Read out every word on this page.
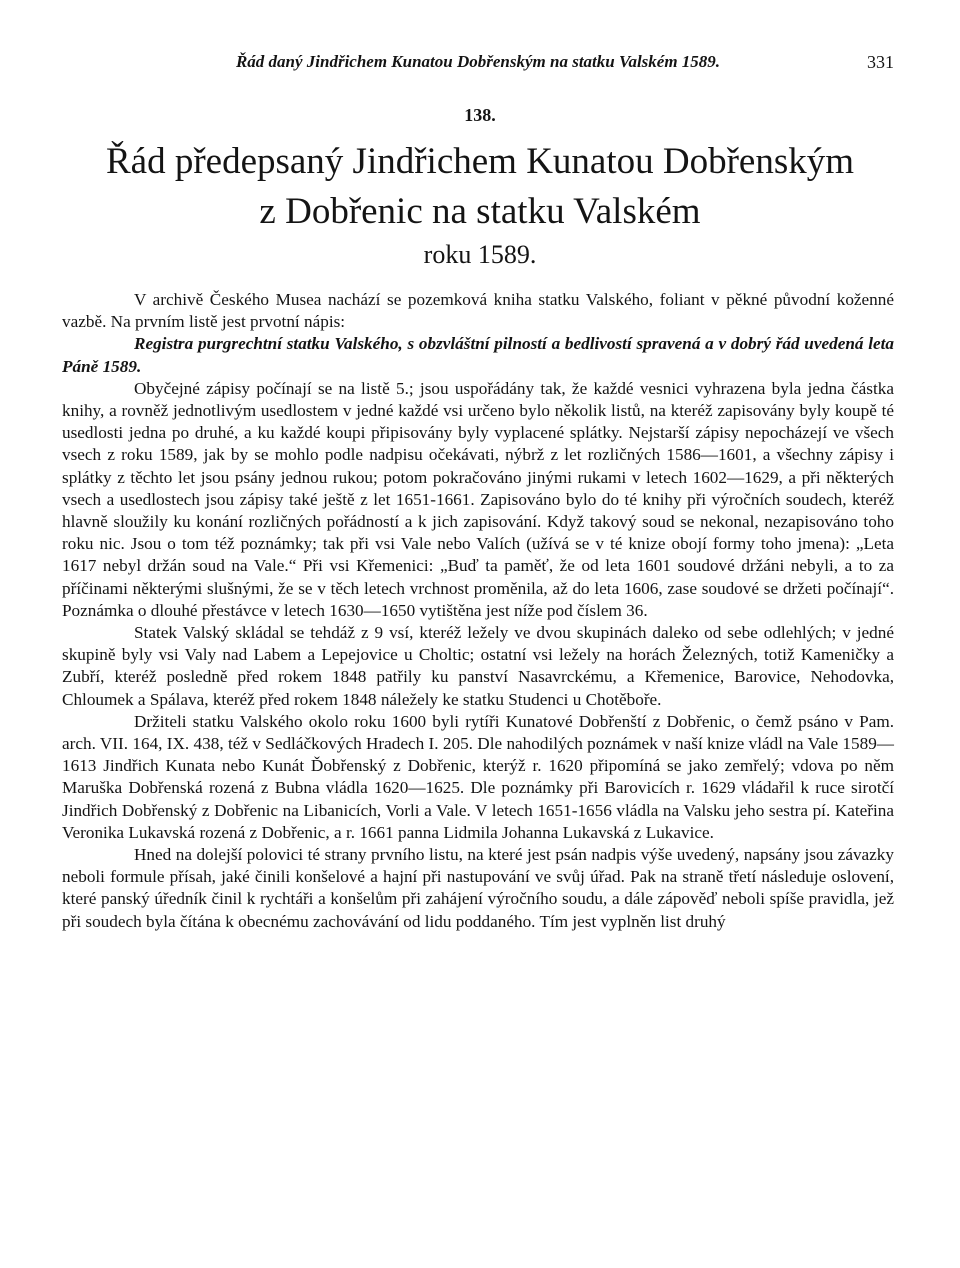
Řád daný Jindřichem Kunatou Dobřenským na statku Valském 1589.	331
138.
Řád předepsaný Jindřichem Kunatou Dobřenským
z Dobřenic na statku Valském
roku 1589.

V archivě Českého Musea nachází se pozemková kniha statku Valského, foliant v pěkné původní koženné vazbě. Na prvním listě jest prvotní nápis:

Registra purgrechtní statku Valského, s obzvláštní pilností a bedlivostí spravená a v dobrý řád uvedená leta Páně 1589.

Obyčejné zápisy počínají se na listě 5.; jsou uspořádány tak, že každé vesnici vyhrazena byla jedna částka knihy, a rovněž jednotlivým usedlostem v jedné každé vsi určeno bylo několik listů, na kteréž zapisovány byly koupě té usedlosti jedna po druhé, a ku každé koupi připisovány byly vyplacené splátky. Nejstarší zápisy nepocházejí ve všech vsech z roku 1589, jak by se mohlo podle nadpisu očekávati, nýbrž z let rozličných 1586—1601, a všechny zápisy i splátky z těchto let jsou psány jednou rukou; potom pokračováno jinými rukami v letech 1602—1629, a při některých vsech a usedlostech jsou zápisy také ještě z let 1651-1661. Zapisováno bylo do té knihy při výročních soudech, kteréž hlavně sloužily ku konání rozličných pořádností a k jich zapisování. Když takový soud se nekonal, nezapisováno toho roku nic. Jsou o tom též poznámky; tak při vsi Vale nebo Valích (užívá se v té knize obojí formy toho jmena): „Leta 1617 nebyl držán soud na Vale.“ Při vsi Křemenici: „Buď ta paměť, že od leta 1601 soudové držáni nebyli, a to za příčinami některými slušnými, že se v těch letech vrchnost proměnila, až do leta 1606, zase soudové se držeti počínají“. Poznámka o dlouhé přestávce v letech 1630—1650 vytištěna jest níže pod číslem 36.

Statek Valský skládal se tehdáž z 9 vsí, kteréž ležely ve dvou skupinách daleko od sebe odlehlých; v jedné skupině byly vsi Valy nad Labem a Lepejovice u Choltic; ostatní vsi ležely na horách Železných, totiž Kameničky a Zubří, kteréž posledně před rokem 1848 patřily ku panství Nasavrckému, a Křemenice, Barovice, Nehodovka, Chloumek a Spálava, kteréž před rokem 1848 náležely ke statku Studenci u Chotěboře.

Držiteli statku Valského okolo roku 1600 byli rytíři Kunatové Dobřenští z Dobřenic, o čemž psáno v Pam. arch. VII. 164, IX. 438, též v Sedláčkových Hradech I. 205. Dle nahodilých poznámek v naší knize vládl na Vale 1589—1613 Jindřich Kunata nebo Kunát Ďobřenský z Dobřenic, kterýž r. 1620 připomíná se jako zemřelý; vdova po něm Maruška Dobřenská rozená z Bubna vládla 1620—1625. Dle poznámky při Barovicích r. 1629 vládařil k ruce sirotčí Jindřich Dobřenský z Dobřenic na Libanicích, Vorli a Vale. V letech 1651-1656 vládla na Valsku jeho sestra pí. Kateřina Veronika Lukavská rozená z Dobřenic, a r. 1661 panna Lidmila Johanna Lukavská z Lukavice.

Hned na dolejší polovici té strany prvního listu, na které jest psán nadpis výše uvedený, napsány jsou závazky neboli formule přísah, jaké činili konšelové a hajní při nastupování ve svůj úřad. Pak na straně třetí následuje oslovení, které panský úředník činil k rychtáři a konšelům při zahájení výročního soudu, a dále zápověď neboli spíše pravidla, jež při soudech byla čítána k obecnému zachovávání od lidu poddaného. Tím jest vyplněn list druhý
